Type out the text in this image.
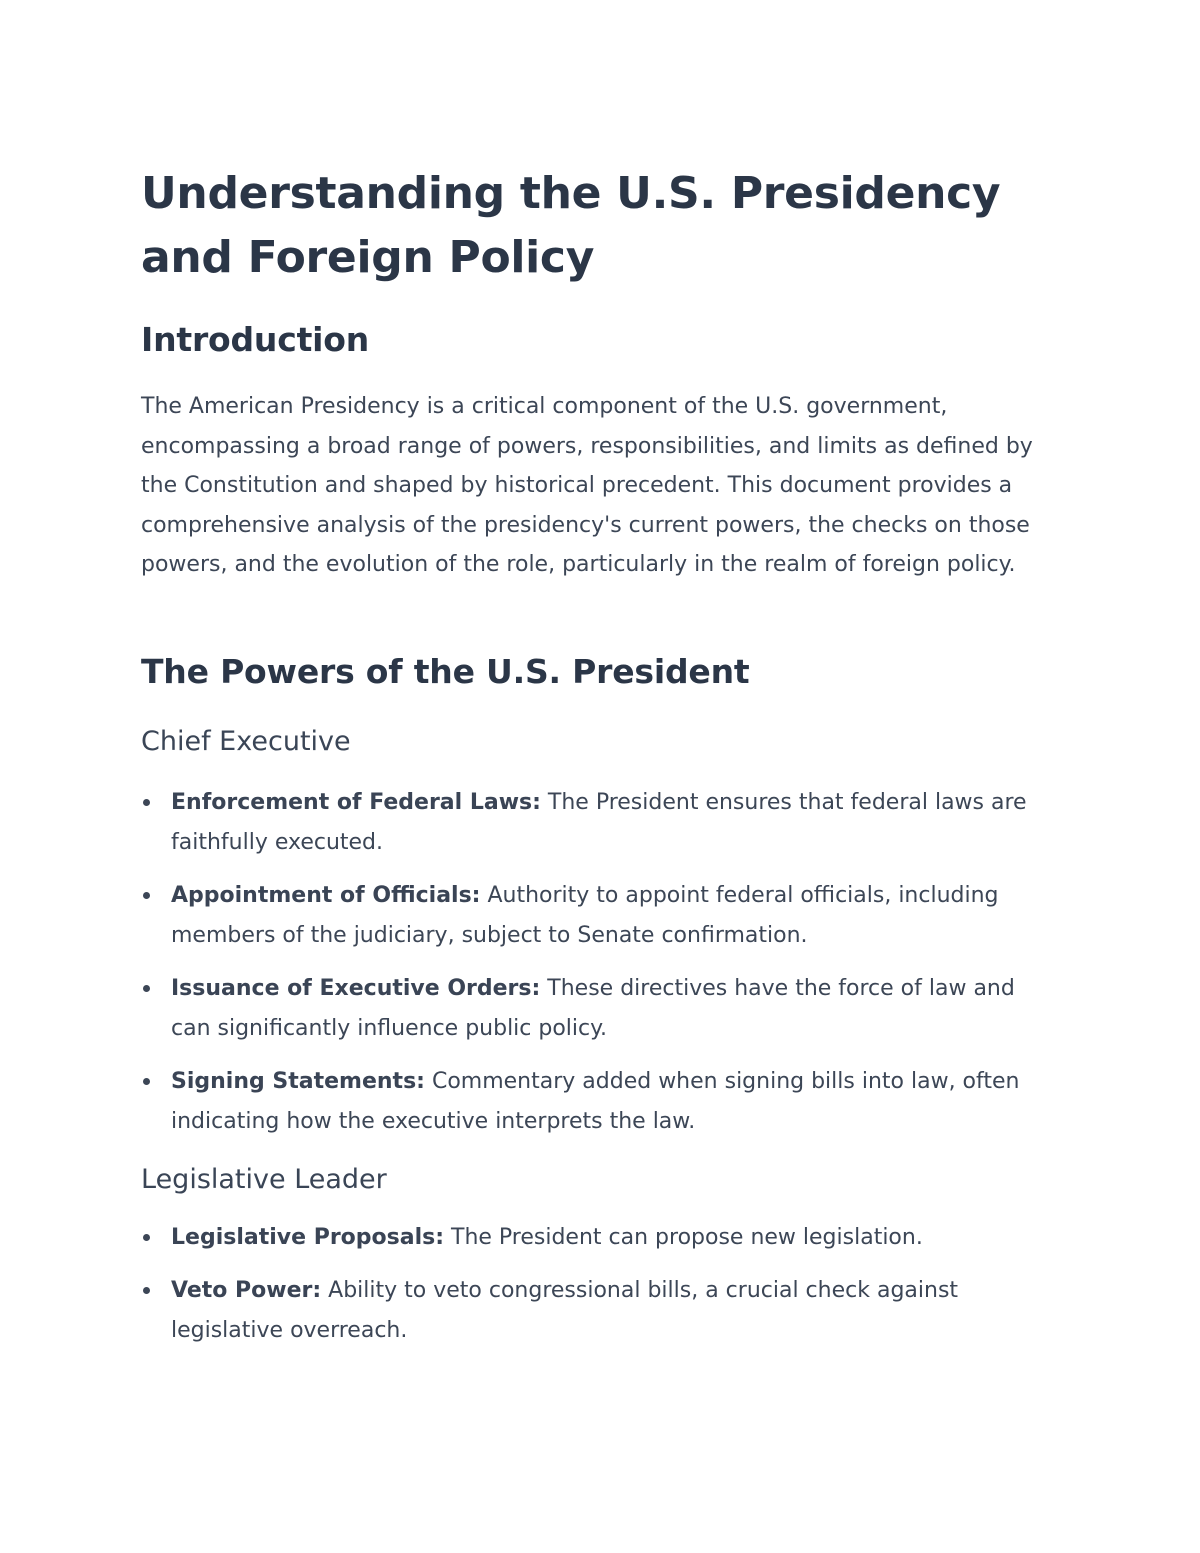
Understanding the U.S. Presidency and Foreign Policy
Introduction

The American Presidency is a critical component of the U.S. government, encompassing a broad range of powers, responsibilities, and limits as defined by the Constitution and shaped by historical precedent. This document provides a comprehensive analysis of the presidency's current powers, the checks on those powers, and the evolution of the role, particularly in the realm of foreign policy.

The Powers of the U.S. President
Chief Executive
Enforcement of Federal Laws: The President ensures that federal laws are faithfully executed.
Appointment of Officials: Authority to appoint federal officials, including members of the judiciary, subject to Senate confirmation.
Issuance of Executive Orders: These directives have the force of law and can significantly influence public policy.
Signing Statements: Commentary added when signing bills into law, often indicating how the executive interprets the law.
Legislative Leader
Legislative Proposals: The President can propose new legislation.
Veto Power: Ability to veto congressional bills, a crucial check against legislative overreach.
